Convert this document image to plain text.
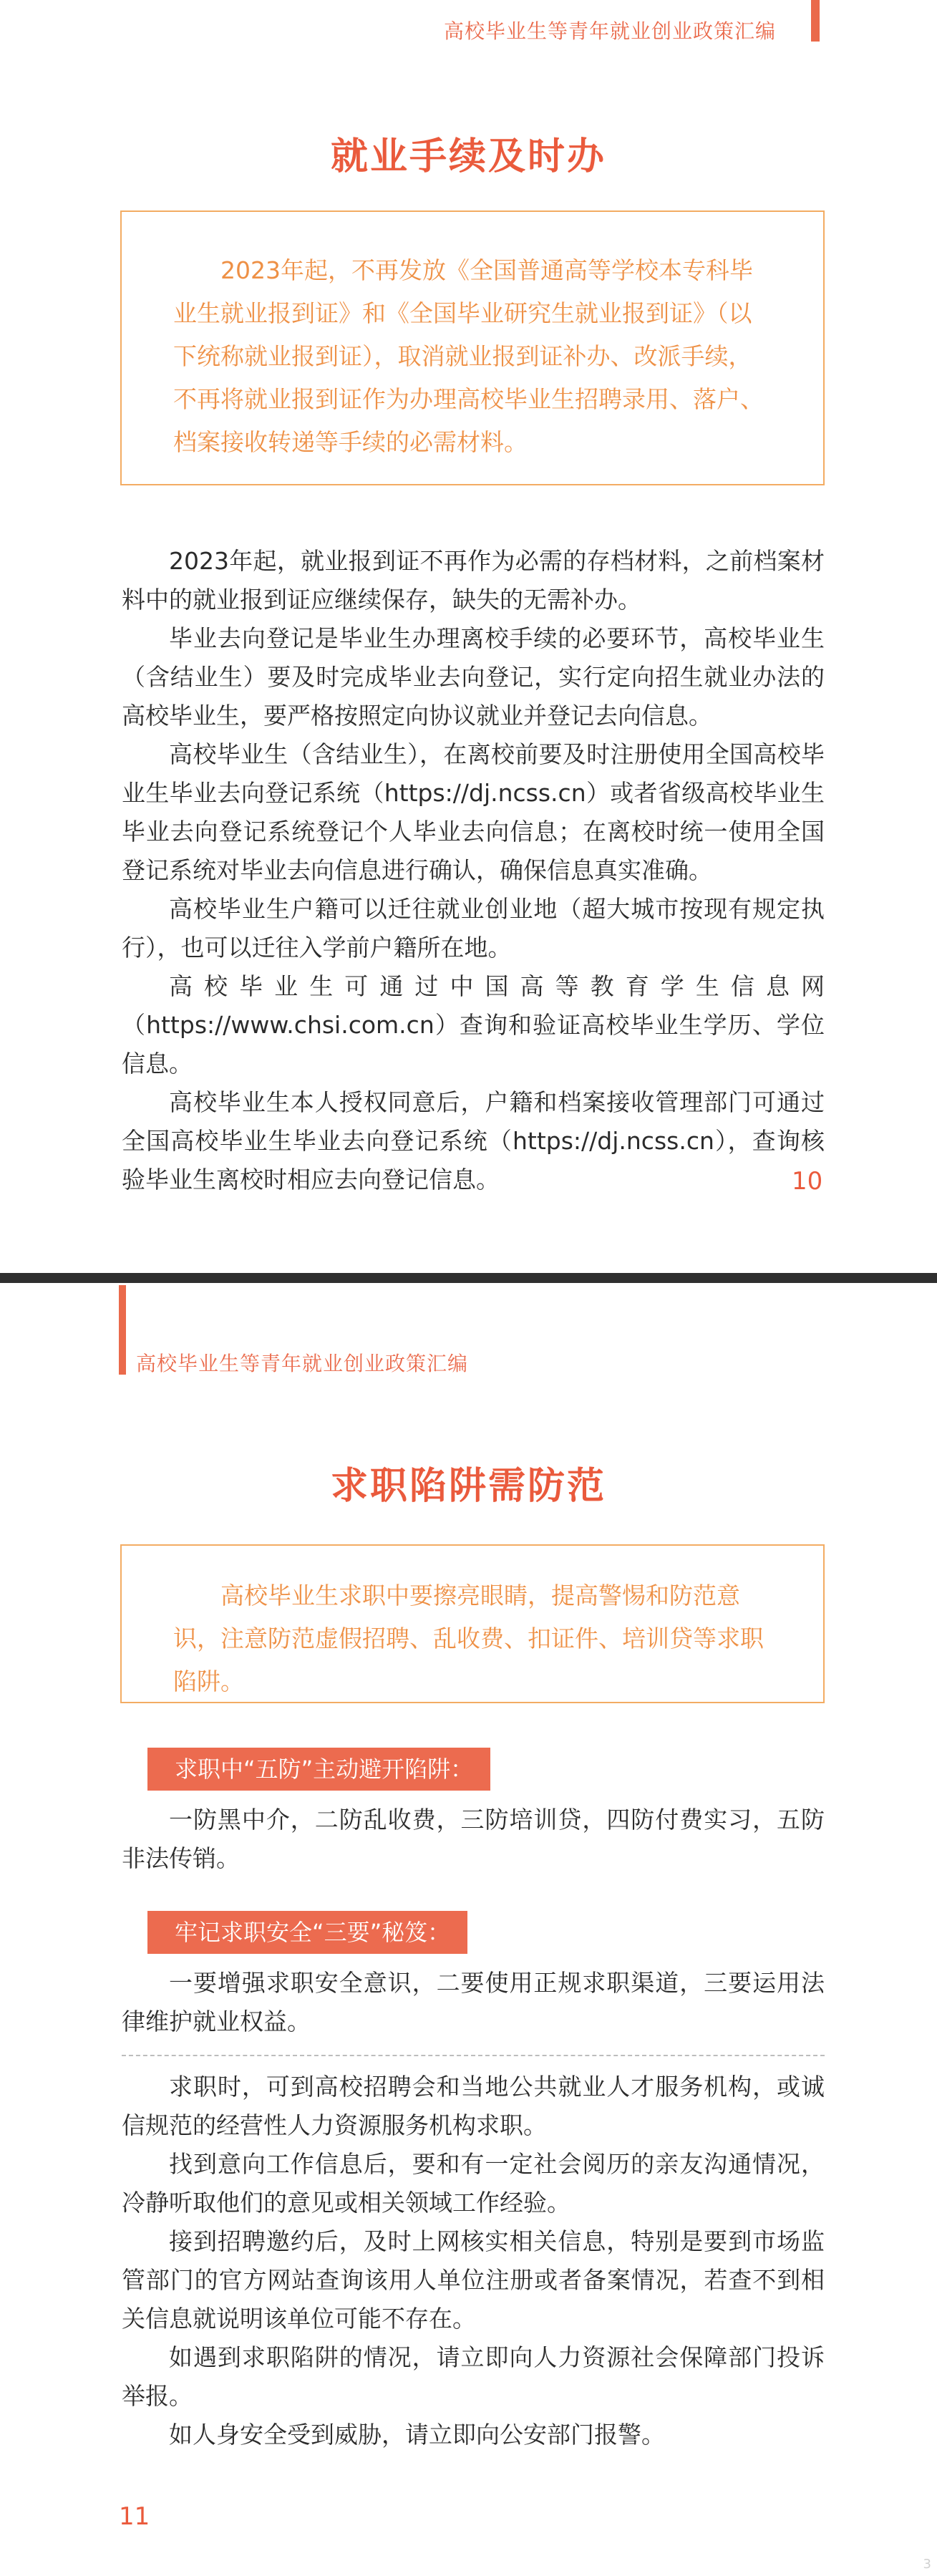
高校毕业生等青年就业创业政策汇编
就业手续及时办

2023年起，不再发放《全国普通高等学校本专科毕业生就业报到证》和《全国毕业研究生就业报到证》（以下统称就业报到证），取消就业报到证补办、改派手续，不再将就业报到证作为办理高校毕业生招聘录用、落户、档案接收转递等手续的必需材料。

2023年起，就业报到证不再作为必需的存档材料，之前档案材料中的就业报到证应继续保存，缺失的无需补办。

毕业去向登记是毕业生办理离校手续的必要环节，高校毕业生（含结业生）要及时完成毕业去向登记，实行定向招生就业办法的高校毕业生，要严格按照定向协议就业并登记去向信息。

高校毕业生（含结业生），在离校前要及时注册使用全国高校毕业生毕业去向登记系统（https://dj.ncss.cn）或者省级高校毕业生毕业去向登记系统登记个人毕业去向信息；在离校时统一使用全国登记系统对毕业去向信息进行确认，确保信息真实准确。

高校毕业生户籍可以迁往就业创业地（超大城市按现有规定执行），也可以迁往入学前户籍所在地。

高校毕业生可通过中国高等教育学生信息网（https://www.chsi.com.cn）查询和验证高校毕业生学历、学位信息。

高校毕业生本人授权同意后，户籍和档案接收管理部门可通过全国高校毕业生毕业去向登记系统（https://dj.ncss.cn），查询核验毕业生离校时相应去向登记信息。	10
高校毕业生等青年就业创业政策汇编
求职陷阱需防范

高校毕业生求职中要擦亮眼睛，提高警惕和防范意识，注意防范虚假招聘、乱收费、扣证件、培训贷等求职陷阱。

求职中“五防”主动避开陷阱：

一防黑中介，二防乱收费，三防培训贷，四防付费实习，五防非法传销。

牢记求职安全“三要”秘笈：

一要增强求职安全意识，二要使用正规求职渠道，三要运用法律维护就业权益。

求职时，可到高校招聘会和当地公共就业人才服务机构，或诚信规范的经营性人力资源服务机构求职。

找到意向工作信息后，要和有一定社会阅历的亲友沟通情况，冷静听取他们的意见或相关领域工作经验。

接到招聘邀约后，及时上网核实相关信息，特别是要到市场监管部门的官方网站查询该用人单位注册或者备案情况，若查不到相关信息就说明该单位可能不存在。

如遇到求职陷阱的情况，请立即向人力资源社会保障部门投诉举报。

如人身安全受到威胁，请立即向公安部门报警。

11
3
